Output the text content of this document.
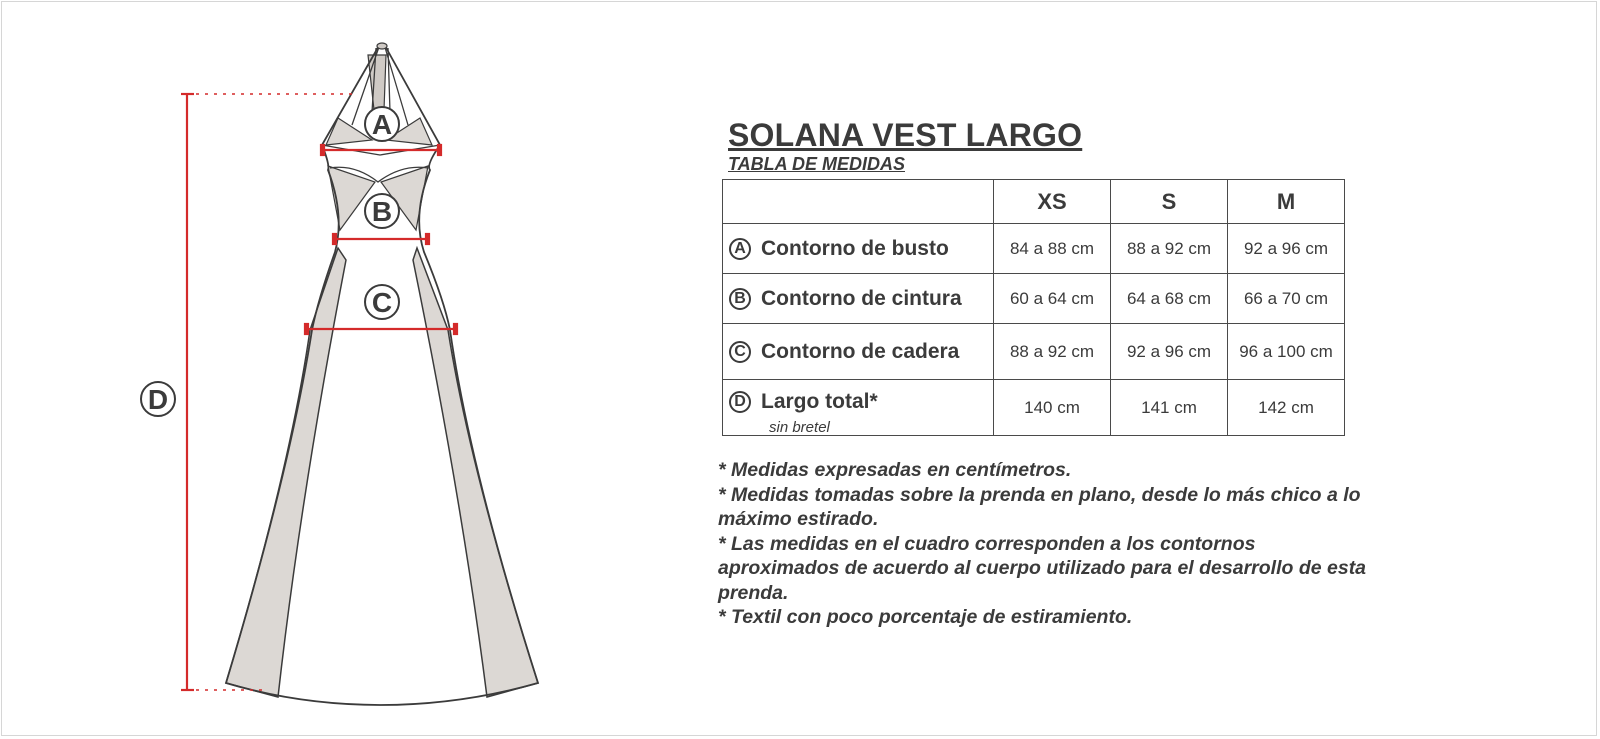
A
B
C
D
SOLANA VEST LARGO
TABLA DE MEDIDAS
	XS	S	M

A Contorno de busto	84 a 88 cm	88 a 92 cm	92 a 96 cm

B Contorno de cintura	60 a 64 cm	64 a 68 cm	66 a 70 cm

C Contorno de cadera	88 a 92 cm	92 a 96 cm	96 a 100 cm

D Largo total*
sin bretel	140 cm	141 cm	142 cm

* Medidas expresadas en centímetros.

* Medidas tomadas sobre la prenda en plano, desde lo más chico a lo máximo estirado.

* Las medidas en el cuadro corresponden a los contornos aproximados de acuerdo al cuerpo utilizado para el desarrollo de esta prenda.

* Textil con poco porcentaje de estiramiento.
